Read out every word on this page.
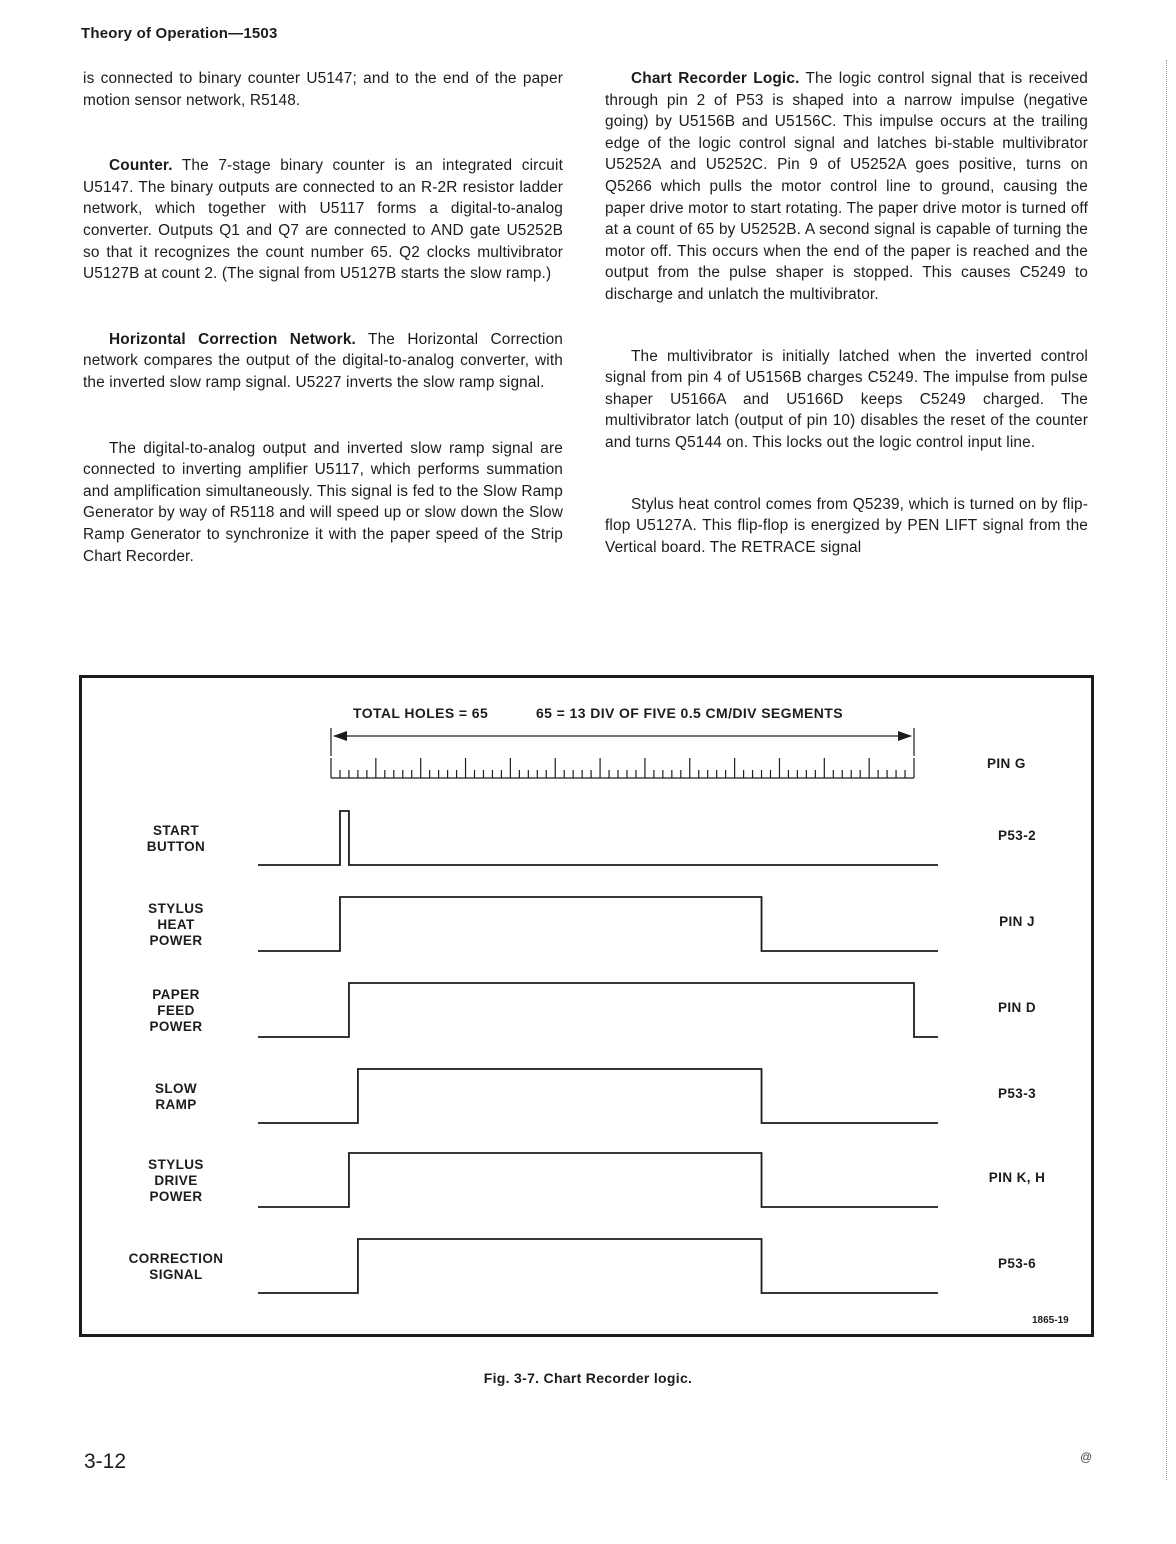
Theory of Operation—1503

is connected to binary counter U5147; and to the end of the paper motion sensor network, R5148.

Counter. The 7-stage binary counter is an integrated circuit U5147. The binary outputs are connected to an R-2R resistor ladder network, which together with U5117 forms a digital-to-analog converter. Outputs Q1 and Q7 are connected to AND gate U5252B so that it recognizes the count number 65. Q2 clocks multivibrator U5127B at count 2. (The signal from U5127B starts the slow ramp.)

Horizontal Correction Network. The Horizontal Correction network compares the output of the digital-to-analog converter, with the inverted slow ramp signal. U5227 inverts the slow ramp signal.

The digital-to-analog output and inverted slow ramp signal are connected to inverting amplifier U5117, which performs summation and amplification simultaneously. This signal is fed to the Slow Ramp Generator by way of R5118 and will speed up or slow down the Slow Ramp Generator to synchronize it with the paper speed of the Strip Chart Recorder.

Chart Recorder Logic. The logic control signal that is received through pin 2 of P53 is shaped into a narrow impulse (negative going) by U5156B and U5156C. This impulse occurs at the trailing edge of the logic control signal and latches bi-stable multivibrator U5252A and U5252C. Pin 9 of U5252A goes positive, turns on Q5266 which pulls the motor control line to ground, causing the paper drive motor to start rotating. The paper drive motor is turned off at a count of 65 by U5252B. A second signal is capable of turning the motor off. This occurs when the end of the paper is reached and the output from the pulse shaper is stopped. This causes C5249 to discharge and unlatch the multivibrator.

The multivibrator is initially latched when the inverted control signal from pin 4 of U5156B charges C5249. The impulse from pulse shaper U5166A and U5166D keeps C5249 charged. The multivibrator latch (output of pin 10) disables the reset of the counter and turns Q5144 on. This locks out the logic control input line.

Stylus heat control comes from Q5239, which is turned on by flip-flop U5127A. This flip-flop is energized by PEN LIFT signal from the Vertical board. The RETRACE signal

TOTAL HOLES = 65	65 = 13 DIV OF FIVE 0.5 CM/DIV SEGMENTS
START
BUTTON
P53-2
STYLUS
HEAT
POWER
PIN J
PAPER
FEED
POWER
PIN D
SLOW
RAMP
P53-3
STYLUS
DRIVE
POWER
PIN K, H
CORRECTION
SIGNAL
P53-6
PIN G
1865-19
Fig. 3-7. Chart Recorder logic.
3-12	@
